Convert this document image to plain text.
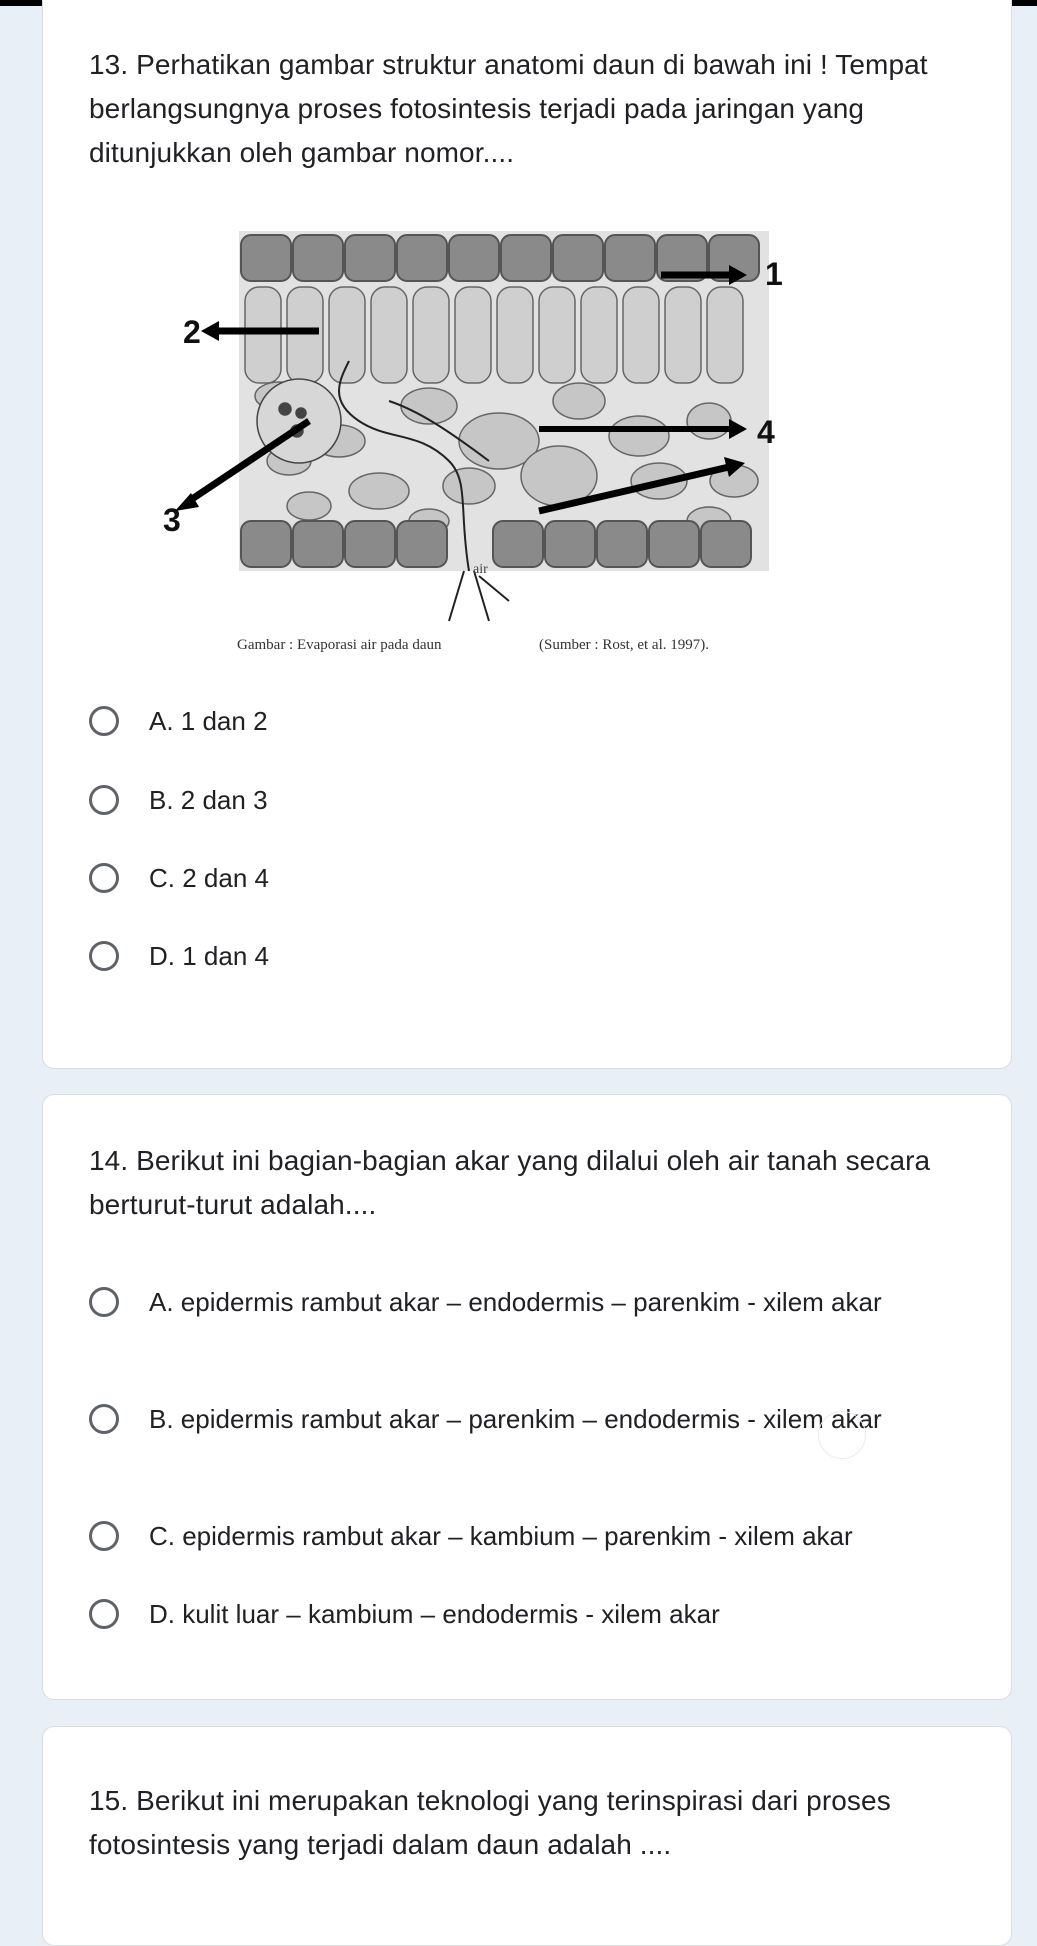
13. Perhatikan gambar struktur anatomi daun di bawah ini ! Tempat berlangsungnya proses fotosintesis terjadi pada jaringan yang ditunjukkan oleh gambar nomor....
1
2
3
4
air
Gambar : Evaporasi air pada daun	(Sumber : Rost, et al. 1997).
A. 1 dan 2
B. 2 dan 3
C. 2 dan 4
D. 1 dan 4
14. Berikut ini bagian-bagian akar yang dilalui oleh air tanah secara berturut-turut adalah....
A. epidermis rambut akar – endodermis – parenkim - xilem akar
B. epidermis rambut akar – parenkim – endodermis - xilem akar
C. epidermis rambut akar – kambium – parenkim - xilem akar
D. kulit luar – kambium – endodermis - xilem akar
15. Berikut ini merupakan teknologi yang terinspirasi dari proses fotosintesis yang terjadi dalam daun adalah ....
